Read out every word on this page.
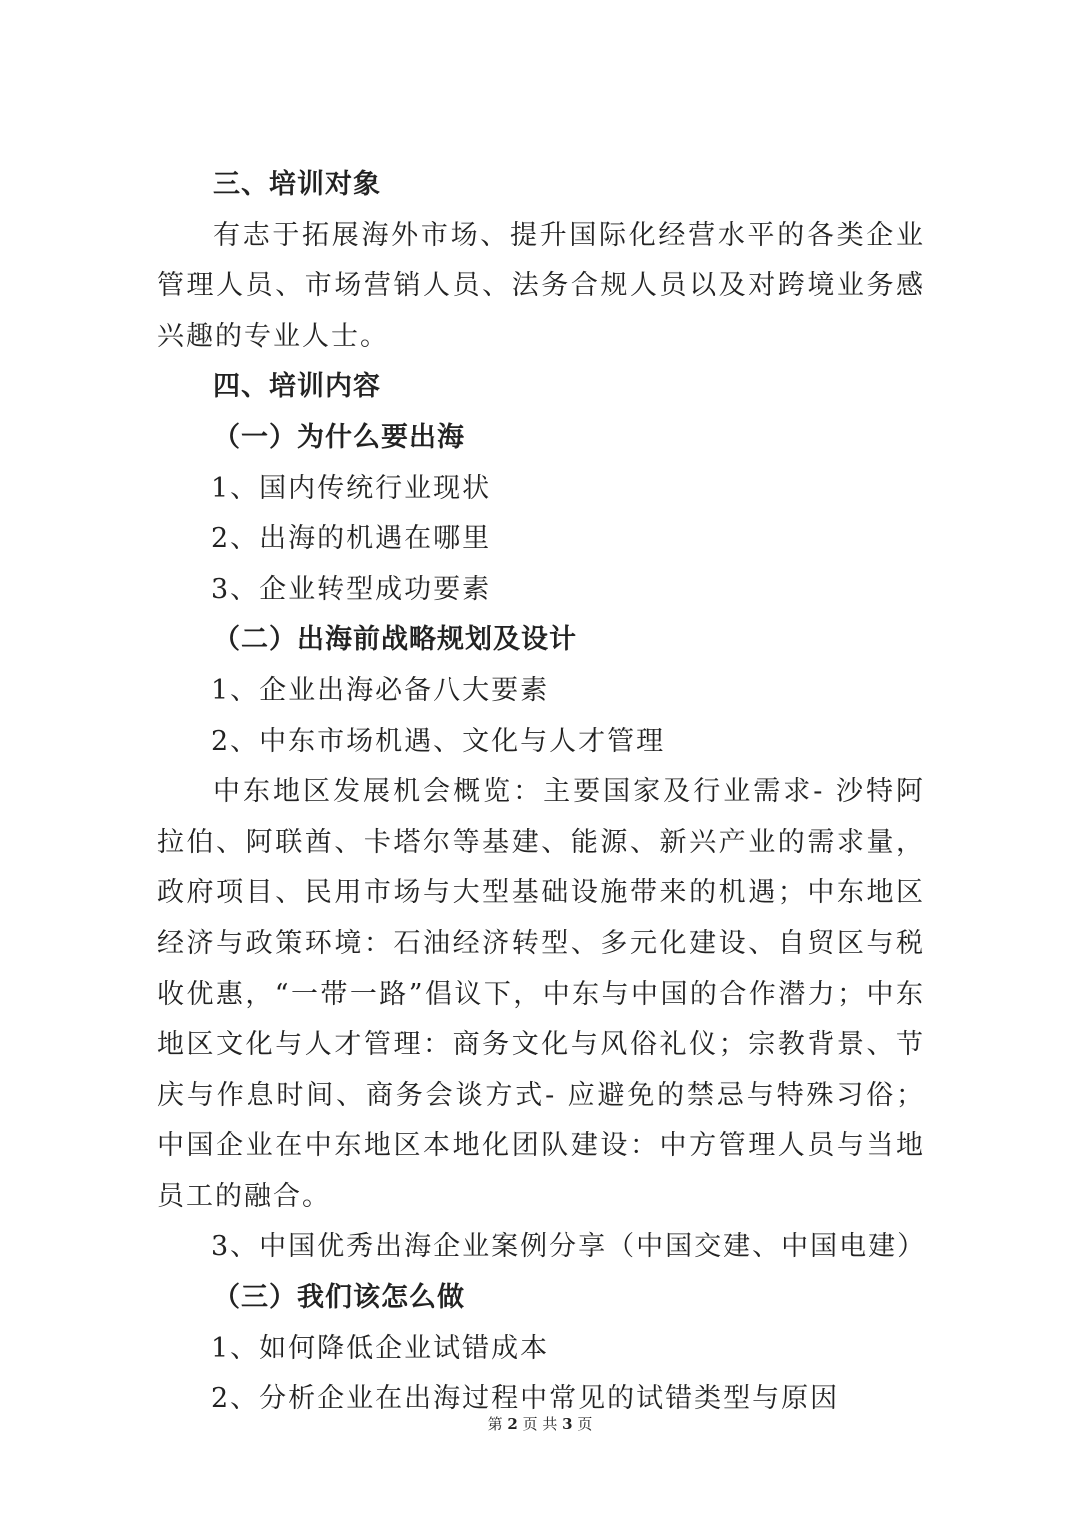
三、培训对象

有志于拓展海外市场、提升国际化经营水平的各类企业管理人员、市场营销人员、法务合规人员以及对跨境业务感兴趣的专业人士。

四、培训内容
（一）为什么要出海
1、国内传统行业现状
2、出海的机遇在哪里
3、企业转型成功要素
（二）出海前战略规划及设计
1、企业出海必备八大要素
2、中东市场机遇、文化与人才管理

中东地区发展机会概览：主要国家及行业需求- 沙特阿拉伯、阿联酋、卡塔尔等基建、能源、新兴产业的需求量，政府项目、民用市场与大型基础设施带来的机遇；中东地区经济与政策环境：石油经济转型、多元化建设、自贸区与税收优惠，“一带一路”倡议下，中东与中国的合作潜力；中东地区文化与人才管理：商务文化与风俗礼仪；宗教背景、节庆与作息时间、商务会谈方式- 应避免的禁忌与特殊习俗；中国企业在中东地区本地化团队建设：中方管理人员与当地员工的融合。

3、中国优秀出海企业案例分享（中国交建、中国电建）
（三）我们该怎么做
1、如何降低企业试错成本
2、分析企业在出海过程中常见的试错类型与原因
第 2 页 共 3 页
